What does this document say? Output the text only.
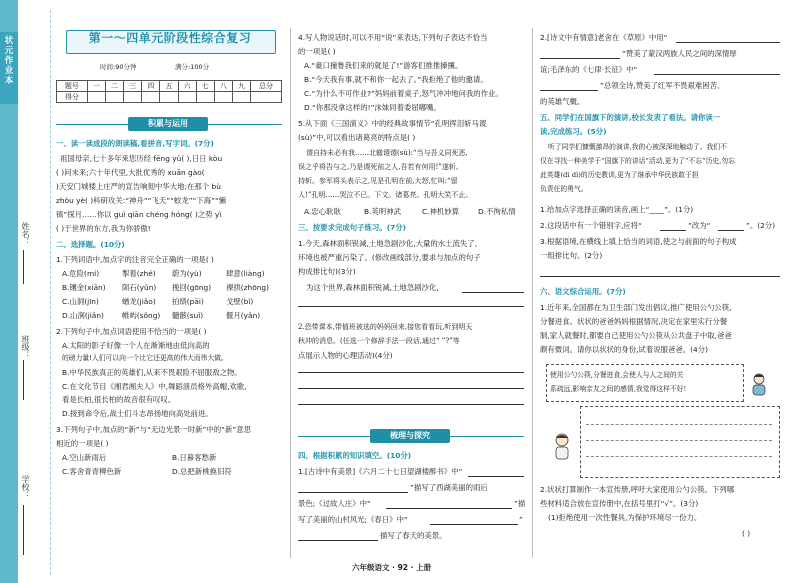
状元作业本
姓名：
班级：
学校：
第一～四单元阶段性综合复习
时间:90分钟	满分:100分
题号	一	二	三	四	五	六	七	八	九	总分
得分										
积累与运用
一、读一读成段的朗读稿,看拼音,写字词。(7分)
祖国母亲,七十多年來您历经 fēng yǔ( ),日日 kòu
( )问未来;六十年代里,大批优秀的 xuān gào(
)天安门城楼上庄严的宣告响彻中华大地;在那个 bù
zhòu yè( )科研攻关:“神舟”“飞天”“蛟龙”“下海”“懒
镇”探月……你以 guì qiān chéng hóng( )之势 yì
( )于世界的东方,我为你骄傲!
二、选择题。(10分)
1.下列词语中,加点字的注音完全正确的一项是( )
A.危险(mí)	掣着(zhé) 蔚为(yù)	肆意(liàng)
B.镶金(xiān) 陨石(yǔn) 挽回(gōng) 裸拱(zhōng)
C.山洞(jīn)	蝤龙(jiǎo) 拍绩(pāi)	戈壁(bǐ)
D.山涧(jiǎn) 帷屿(sǒng) 髓骸(suǐ)	偃月(yǎn)
2.下列句子中,加点词语使用不恰当的一项是( )
A.太阳的影子好像一个人在渐渐地由低向高的
的磅力量!人们可以向一个比它还更高的伟大而伟大做。
B.中华民族真正的英雄们,从来不畏艰险不屈服敌之物。
C.在文化节目《湘君湘夫人》中,舞蹈演员格外高帽,欢歌,
看是长柏,很长柏的故音很有叹叹。
D.接到命令后,战士们斗志昂扬地向高处前进。
3.下列句子中,加点的“新”与“无边光景一时新”中的“新”意思
相近的一项是( )
A.空山新雨后	B.日暮客愁新
C.客舍青青柳色新	D.总把新桃换旧符
4.写人物说话时,可以不用“说”来表达,下列句子表达不恰当
的一项是( )
A.“豪口撞鲁我们来的就是了!”游客们推推搡攘。
B.“今天我有事,就不和你一起去了。”我拒绝了他的邀请。
C.“为什么不可作业?”妈妈前着桌子,怒气冲冲地问我的作业。
D.“你那没拿这样的!”沫妹同着委屈嘟嘴。
5.从下面《三国演义》中的经典故事情节“孔明挥泪斩马谡
(sù)”中,可以看出诸葛亮的特点是( )
谡自持未必有我……北辙谡谡(sù):“当与吾义同死恶,
误之乎将告与之,乃是谡死前之人,吾若有何用!”遂斩。
持斩。参军将头表示之,见是孔明在前,大怒,忙叫:“留
人!”孔明……哭泣不已。下文。诸葛亮。孔明大笑不止。
A.忠心耿耿	B.英明神武	C.神机妙算	D.不徇私情
三、按要求完成句子练习。(7分)
1.今天,森林面积锐减,土地急剧沙化,大量的水土流失了,
环境也被严重污染了。(修改画线部分,要求与加点的句子
构成排比句)(3分)
为这个世界,森林面积锐减,土地急剧沙化,
2.恐带课本,带值班被选的妈妈回来,接您看看玩,听到明天
秋冲的消息。(任选一个修辞手法一段话,通过“ ”?”等
点展示人物的心理活动)(4分)
梳理与探究
四、根据积累的知识填空。(10分)
1.[古诗中有美景]《六月二十七日望湖楼醉书》中“
”描写了西湖美丽的雨后
景色;《过故人庄》中“	”描
写了美丽的山村风光;《春日》中“	”
描写了春天的美景。
六年级语文 · 92 · 上册
2.[诗文中有情意]老舍在《草原》中用“
”赞美了蒙汉两族人民之间的深情厚
谊;毛泽东的《七律·长征》中“
”总领全诗,赞美了红军不畏艰难困苦、
的英雄气概。
五、同学们在国旗下的演讲,校长发表了看法。请你读一
读,完成练习。(5分)
听了同学们慷慨激昂的演讲,我的心被深深地触动了。我们不
仅在寻找一种美学于“国旗下的讲话”活动,更为了“不忘”历史,勿忘
此英雄(dì dì)的历史教训,更为了继承中华民族敢于担
负责任的勇气。
1.给加点字选择正确的读音,画上“____”。(1分)
2.这段话中有一个错别字,应将“	”改为“	”。(2分)
3.根据语境,在横线上填上恰当的词语,使之与前面的句子构成
一组排比句。(2分)
六、语文综合运用。(7分)
1.近年来,全国都在为卫生部门发出倡议,推广使用公勺公筷,
分餐进食。状状的爸爸妈妈根据情况,决定在家里实行分餐
制,家人就餐时,都要自己使用公勺公筷从公共盘子中取,爸爸
颇有微词。请你以状状的身份,试着说服爸爸。(4分)
使用公勺公筷,分餐进食,会使人与人之间的关
系疏远,影响亲友之间的感情,我觉得这样不好!
2.状状打算制作一本宣传册,呼吁大家使用公勺公筷。下列哪
些材料适合放在宣传册中,在括号里打“√”。(3分)
(1)拒绝使用一次性餐具,为保护环境尽一份力。
( )
